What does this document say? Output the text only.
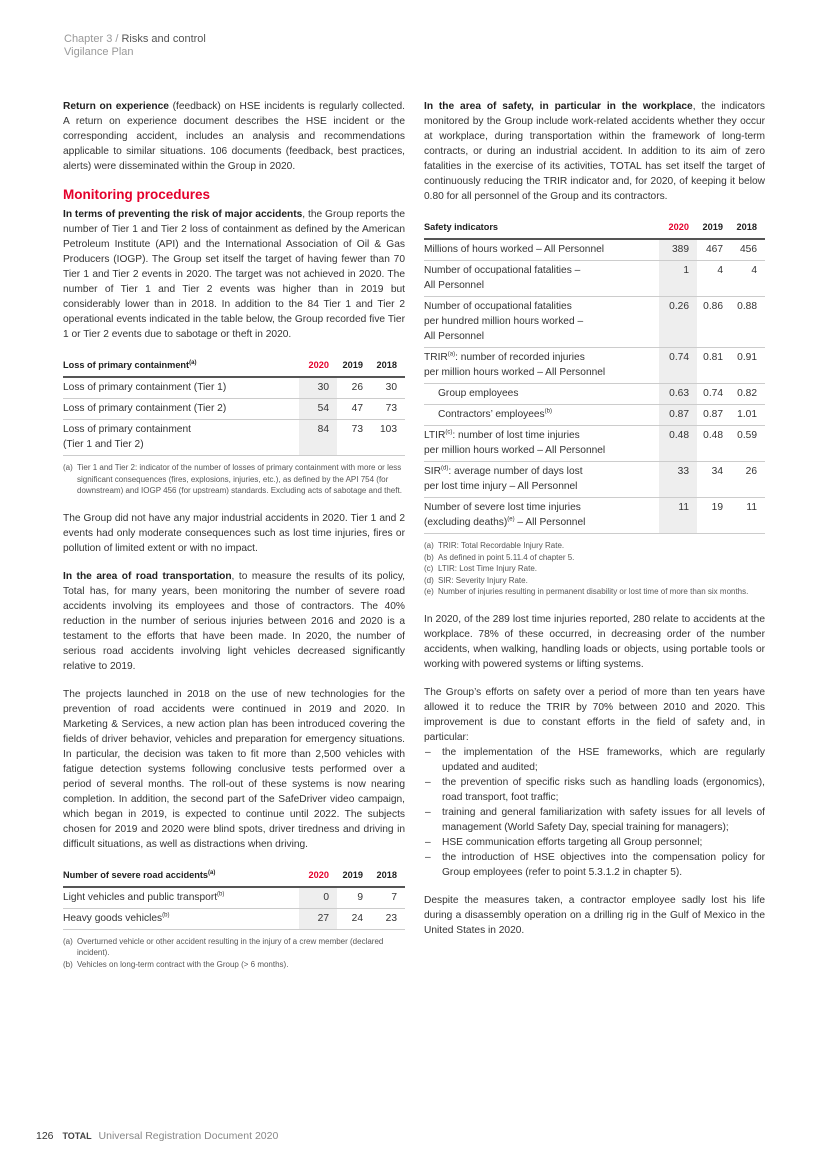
Chapter 3 / Risks and control
Vigilance Plan

Return on experience (feedback) on HSE incidents is regularly collected. A return on experience document describes the HSE incident or the corresponding accident, includes an analysis and recommendations applicable to similar situations. 106 documents (feedback, best practices, alerts) were disseminated within the Group in 2020.

Monitoring procedures

In terms of preventing the risk of major accidents, the Group reports the number of Tier 1 and Tier 2 loss of containment as defined by the American Petroleum Institute (API) and the International Association of Oil & Gas Producers (IOGP). The Group set itself the target of having fewer than 70 Tier 1 and Tier 2 events in 2020. The target was not achieved in 2020. The number of Tier 1 and Tier 2 events was higher than in 2019 but considerably lower than in 2018. In addition to the 84 Tier 1 and Tier 2 operational events indicated in the table below, the Group recorded five Tier 1 or Tier 2 events due to sabotage or theft in 2020.

Loss of primary containment$^{(a)}$	2020	2019	2018
Loss of primary containment (Tier 1)	30	26	30
Loss of primary containment (Tier 2)	54	47	73
Loss of primary containment
(Tier 1 and Tier 2)	84	73	103
(a) Tier 1 and Tier 2: indicator of the number of losses of primary containment with more or less significant consequences (fires, explosions, injuries, etc.), as defined by the API 754 (for downstream) and IOGP 456 (for upstream) standards. Excluding acts of sabotage and theft.

The Group did not have any major industrial accidents in 2020. Tier 1 and 2 events had only moderate consequences such as lost time injuries, fires or pollution of limited extent or with no impact.

In the area of road transportation, to measure the results of its policy, Total has, for many years, been monitoring the number of severe road accidents involving its employees and those of contractors. The 40% reduction in the number of serious injuries between 2016 and 2020 is a testament to the efforts that have been made. In 2020, the number of serious road accidents involving light vehicles decreased significantly relative to 2019.

The projects launched in 2018 on the use of new technologies for the prevention of road accidents were continued in 2019 and 2020. In Marketing & Services, a new action plan has been introduced covering the fields of driver behavior, vehicles and preparation for emergency situations. In particular, the decision was taken to fit more than 2,500 vehicles with fatigue detection systems following conclusive tests performed over a period of several months. The roll-out of these systems is now nearing completion. In addition, the second part of the SafeDriver video campaign, which began in 2019, is expected to continue until 2022. The subjects chosen for 2019 and 2020 were blind spots, driver tiredness and driving in difficult situations, as well as distractions when driving.

Number of severe road accidents$^{(a)}$	2020	2019	2018
Light vehicles and public transport$^{(b)}$	0	9	7
Heavy goods vehicles$^{(b)}$	27	24	23
(a) Overturned vehicle or other accident resulting in the injury of a crew member (declared incident).
(b) Vehicles on long-term contract with the Group (> 6 months).

In the area of safety, in particular in the workplace, the indicators monitored by the Group include work-related accidents whether they occur at workplace, during transportation within the framework of long-term contracts, or during an industrial accident. In addition to its aim of zero fatalities in the exercise of its activities, TOTAL has set itself the target of continuously reducing the TRIR indicator and, for 2020, of keeping it below 0.80 for all personnel of the Group and its contractors.

Safety indicators	2020	2019	2018
Millions of hours worked – All Personnel	389	467	456
Number of occupational fatalities –
All Personnel	1	4	4
Number of occupational fatalities
per hundred million hours worked –
All Personnel	0.26	0.86	0.88
TRIR$^{(a)}$: number of recorded injuries
per million hours worked – All Personnel	0.74	0.81	0.91
Group employees	0.63	0.74	0.82
Contractors’ employees$^{(b)}$	0.87	0.87	1.01
LTIR$^{(c)}$: number of lost time injuries
per million hours worked – All Personnel	0.48	0.48	0.59
SIR$^{(d)}$: average number of days lost
per lost time injury – All Personnel	33	34	26
Number of severe lost time injuries
(excluding deaths)$^{(e)}$ – All Personnel	11	19	11
(a) TRIR: Total Recordable Injury Rate.
(b) As defined in point 5.11.4 of chapter 5.
(c) LTIR: Lost Time Injury Rate.
(d) SIR: Severity Injury Rate.
(e) Number of injuries resulting in permanent disability or lost time of more than six months.

In 2020, of the 289 lost time injuries reported, 280 relate to accidents at the workplace. 78% of these occurred, in decreasing order of the number accidents, when walking, handling loads or objects, using portable tools or working with powered systems or lifting systems.

The Group’s efforts on safety over a period of more than ten years have allowed it to reduce the TRIR by 70% between 2010 and 2020. This improvement is due to constant efforts in the field of safety and, in particular:

– the implementation of the HSE frameworks, which are regularly updated and audited;
– the prevention of specific risks such as handling loads (ergonomics), road transport, foot traffic;
– training and general familiarization with safety issues for all levels of management (World Safety Day, special training for managers);
– HSE communication efforts targeting all Group personnel;
– the introduction of HSE objectives into the compensation policy for Group employees (refer to point 5.3.1.2 in chapter 5).

Despite the measures taken, a contractor employee sadly lost his life during a disassembly operation on a drilling rig in the Gulf of Mexico in the United States in 2020.

126 TOTAL Universal Registration Document 2020
